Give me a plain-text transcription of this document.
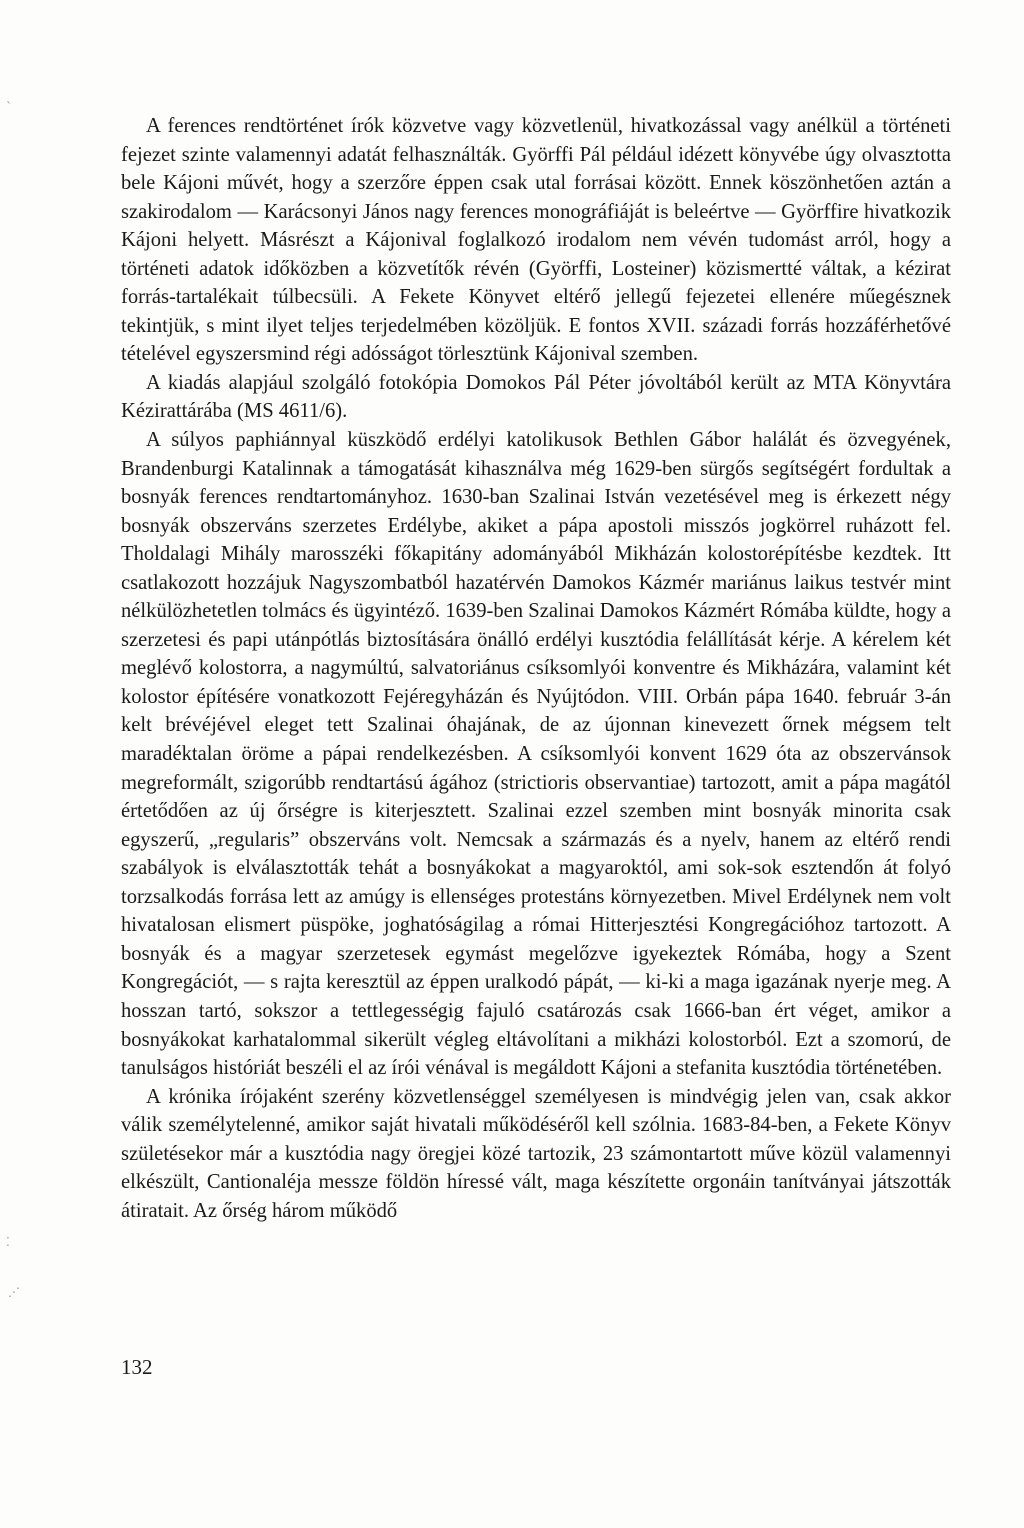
ˋ
⁚
⋰

A ferences rendtörténet írók közvetve vagy közvetlenül, hivatkozással vagy anélkül a történeti fejezet szinte valamennyi adatát felhasználták. Györffi Pál például idézett könyvébe úgy olvasztotta bele Kájoni művét, hogy a szerzőre éppen csak utal forrásai között. Ennek köszönhetően aztán a szakirodalom — Karácsonyi János nagy ferences monográfiáját is beleértve — Györffire hivatkozik Kájoni helyett. Másrészt a Kájonival foglalkozó irodalom nem vévén tudomást arról, hogy a történeti adatok időközben a közvetítők révén (Györffi, Losteiner) közismertté váltak, a kézirat forrás-tartalékait túlbecsüli. A Fekete Könyvet eltérő jellegű fejezetei ellenére műegésznek tekintjük, s mint ilyet teljes terjedelmében közöljük. E fontos XVII. századi forrás hozzáférhetővé tételével egyszersmind régi adósságot törlesztünk Kájonival szemben.

A kiadás alapjául szolgáló fotokópia Domokos Pál Péter jóvoltából került az MTA Könyvtára Kézirattárába (MS 4611/6).

A súlyos paphiánnyal küszködő erdélyi katolikusok Bethlen Gábor halálát és özvegyének, Brandenburgi Katalinnak a támogatását kihasználva még 1629-ben sürgős segítségért fordultak a bosnyák ferences rendtartományhoz. 1630-ban Szalinai István vezetésével meg is érkezett négy bosnyák obszerváns szerzetes Erdélybe, akiket a pápa apostoli misszós jogkörrel ruházott fel. Tholdalagi Mihály marosszéki főkapitány adományából Mikházán kolostorépítésbe kezdtek. Itt csatlakozott hozzájuk Nagyszombatból hazatérvén Damokos Kázmér mariánus laikus testvér mint nélkülözhetetlen tolmács és ügyintéző. 1639-ben Szalinai Damokos Kázmért Rómába küldte, hogy a szerzetesi és papi utánpótlás biztosítására önálló erdélyi kusztódia felállítását kérje. A kérelem két meglévő kolostorra, a nagymúltú, salvatoriánus csíksomlyói konventre és Mikházára, valamint két kolostor építésére vonatkozott Fejéregyházán és Nyújtódon. VIII. Orbán pápa 1640. február 3-án kelt brévéjével eleget tett Szalinai óhajának, de az újonnan kinevezett őrnek mégsem telt maradéktalan öröme a pápai rendelkezésben. A csíksomlyói konvent 1629 óta az obszervánsok megreformált, szigorúbb rendtartású ágához (strictioris observantiae) tartozott, amit a pápa magától értetődően az új őrségre is kiterjesztett. Szalinai ezzel szemben mint bosnyák minorita csak egyszerű, „regularis” obszerváns volt. Nemcsak a származás és a nyelv, hanem az eltérő rendi szabályok is elválasztották tehát a bosnyákokat a magyaroktól, ami sok-sok esztendőn át folyó torzsalkodás forrása lett az amúgy is ellenséges protestáns környezetben. Mivel Erdélynek nem volt hivatalosan elismert püspöke, joghatóságilag a római Hitterjesztési Kongregációhoz tartozott. A bosnyák és a magyar szerzetesek egymást megelőzve igyekeztek Rómába, hogy a Szent Kongregációt, — s rajta keresztül az éppen uralkodó pápát, — ki-ki a maga igazának nyerje meg. A hosszan tartó, sokszor a tettlegességig fajuló csatározás csak 1666-ban ért véget, amikor a bosnyákokat karhatalommal sikerült végleg eltávolítani a mikházi kolostorból. Ezt a szomorú, de tanulságos históriát beszéli el az írói vénával is megáldott Kájoni a stefanita kusztódia történetében.

A krónika írójaként szerény közvetlenséggel személyesen is mindvégig jelen van, csak akkor válik személytelenné, amikor saját hivatali működéséről kell szólnia. 1683-84-ben, a Fekete Könyv születésekor már a kusztódia nagy öregjei közé tartozik, 23 számontartott műve közül valamennyi elkészült, Cantionaléja messze földön híressé vált, maga készítette orgonáin tanítványai játszották átiratait. Az őrség három működő

132
